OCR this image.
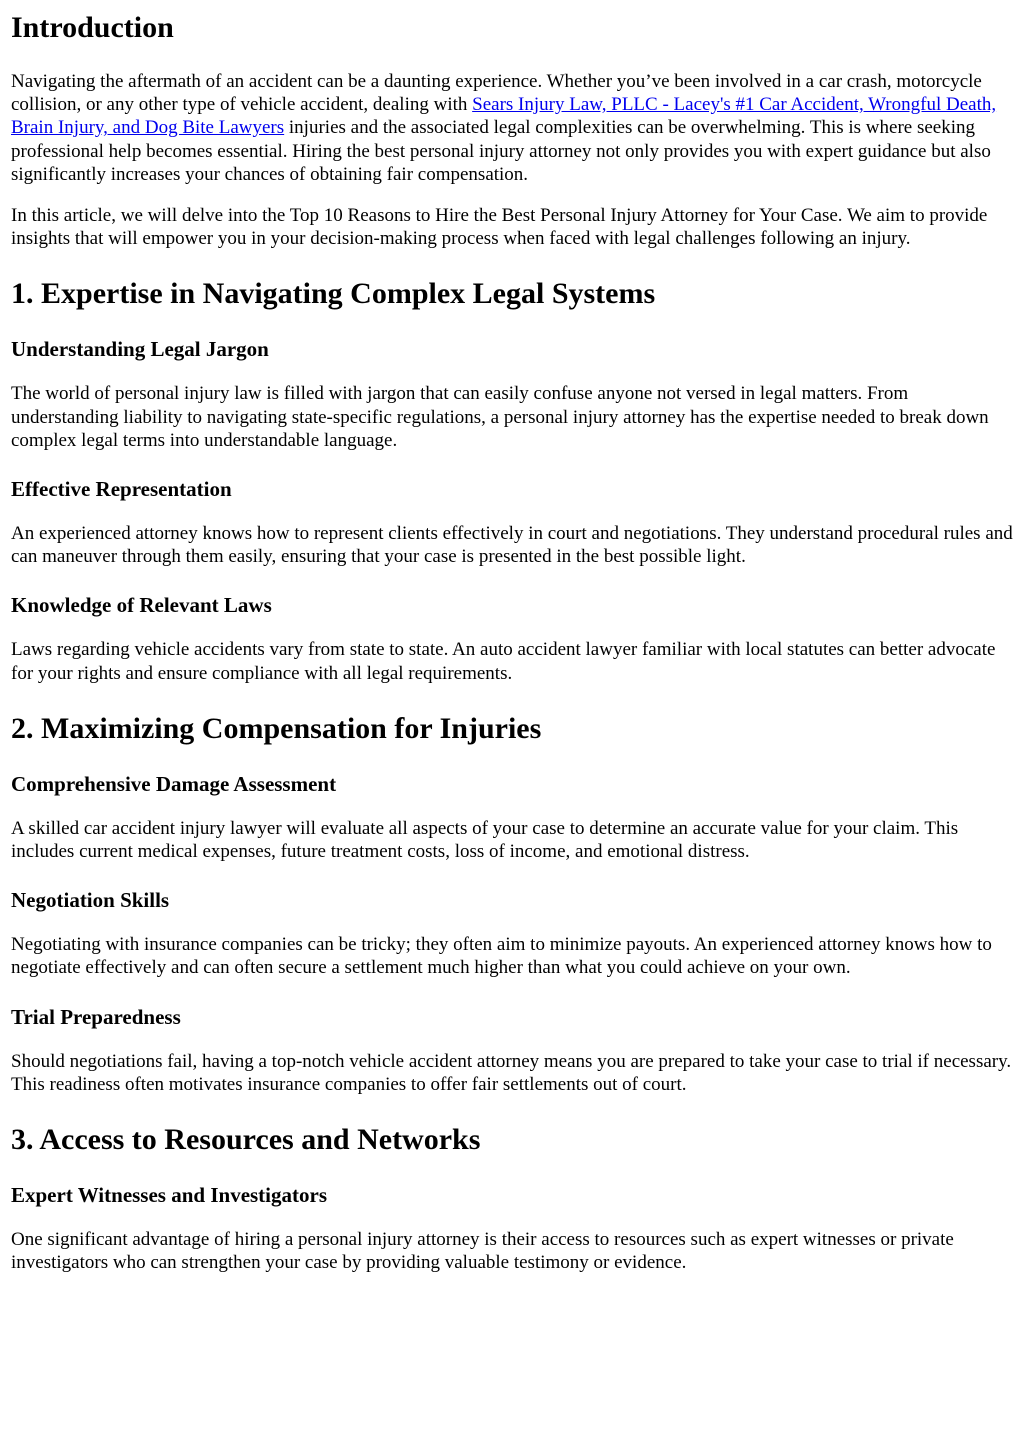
Introduction

Navigating the aftermath of an accident can be a daunting experience. Whether you’ve been involved in a car crash, motorcycle collision, or any other type of vehicle accident, dealing with Sears Injury Law, PLLC - Lacey's #1 Car Accident, Wrongful Death, Brain Injury, and Dog Bite Lawyers injuries and the associated legal complexities can be overwhelming. This is where seeking professional help becomes essential. Hiring the best personal injury attorney not only provides you with expert guidance but also significantly increases your chances of obtaining fair compensation.

In this article, we will delve into the Top 10 Reasons to Hire the Best Personal Injury Attorney for Your Case. We aim to provide insights that will empower you in your decision-making process when faced with legal challenges following an injury.

1. Expertise in Navigating Complex Legal Systems
Understanding Legal Jargon

The world of personal injury law is filled with jargon that can easily confuse anyone not versed in legal matters. From understanding liability to navigating state-specific regulations, a personal injury attorney has the expertise needed to break down complex legal terms into understandable language.

Effective Representation

An experienced attorney knows how to represent clients effectively in court and negotiations. They understand procedural rules and can maneuver through them easily, ensuring that your case is presented in the best possible light.

Knowledge of Relevant Laws

Laws regarding vehicle accidents vary from state to state. An auto accident lawyer familiar with local statutes can better advocate for your rights and ensure compliance with all legal requirements.

2. Maximizing Compensation for Injuries
Comprehensive Damage Assessment

A skilled car accident injury lawyer will evaluate all aspects of your case to determine an accurate value for your claim. This includes current medical expenses, future treatment costs, loss of income, and emotional distress.

Negotiation Skills

Negotiating with insurance companies can be tricky; they often aim to minimize payouts. An experienced attorney knows how to negotiate effectively and can often secure a settlement much higher than what you could achieve on your own.

Trial Preparedness

Should negotiations fail, having a top-notch vehicle accident attorney means you are prepared to take your case to trial if necessary. This readiness often motivates insurance companies to offer fair settlements out of court.

3. Access to Resources and Networks
Expert Witnesses and Investigators

One significant advantage of hiring a personal injury attorney is their access to resources such as expert witnesses or private investigators who can strengthen your case by providing valuable testimony or evidence.
